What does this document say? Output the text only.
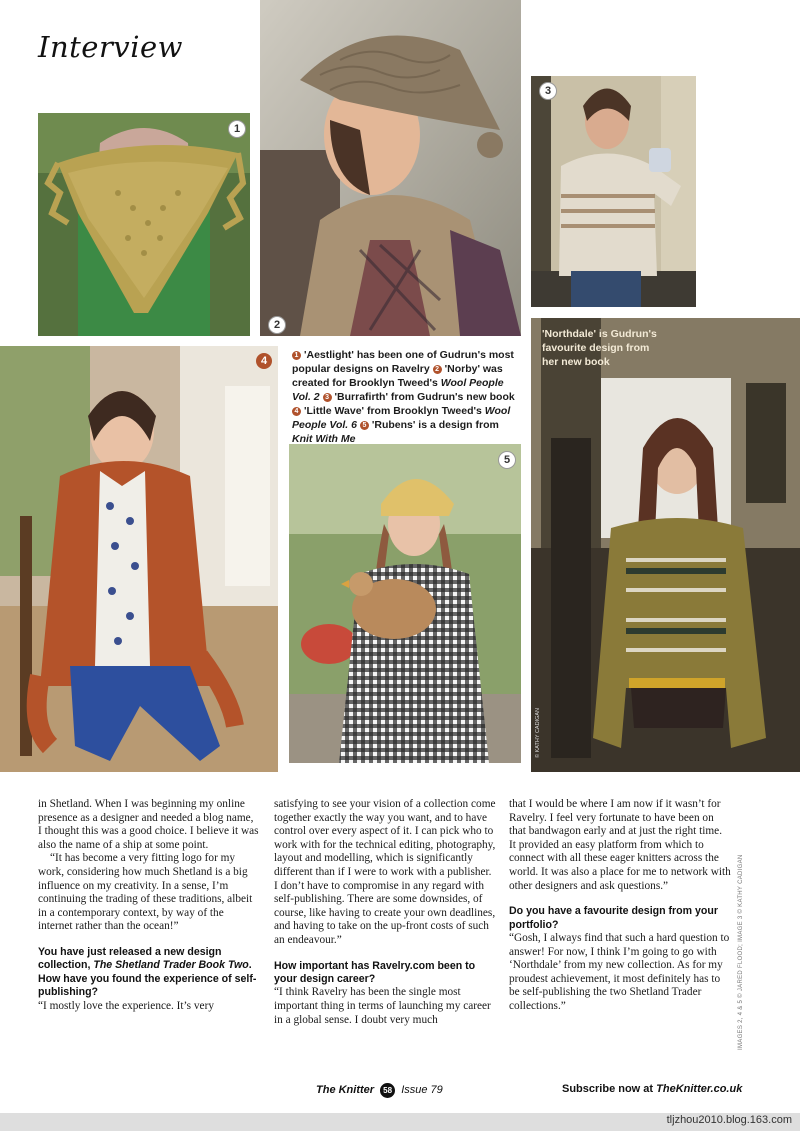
Interview
1
2
3
4
5
© KATHY CADIGAN
1 'Aestlight' has been one of Gudrun's most popular designs on Ravelry 2 'Norby' was created for Brooklyn Tweed's Wool People Vol. 2 3 'Burrafirth' from Gudrun's new book 4 'Little Wave' from Brooklyn Tweed's Wool People Vol. 6 5 'Rubens' is a design from Knit With Me
'Northdale' is Gudrun's favourite design from her new book

in Shetland. When I was beginning my online presence as a designer and needed a blog name, I thought this was a good choice. I believe it was also the name of a ship at some point.

“It has become a very fitting logo for my work, considering how much Shetland is a big influence on my creativity. In a sense, I’m continuing the trading of these traditions, albeit in a contemporary context, by way of the internet rather than the ocean!”

You have just released a new design collection, The Shetland Trader Book Two. How have you found the experience of self-publishing?

“I mostly love the experience. It’s very

satisfying to see your vision of a collection come together exactly the way you want, and to have control over every aspect of it. I can pick who to work with for the technical editing, photography, layout and modelling, which is significantly different than if I were to work with a publisher. I don’t have to compromise in any regard with self-publishing. There are some downsides, of course, like having to create your own deadlines, and having to take on the up-front costs of such an endeavour.”

How important has Ravelry.com been to your design career?

“I think Ravelry has been the single most important thing in terms of launching my career in a global sense. I doubt very much

that I would be where I am now if it wasn’t for Ravelry. I feel very fortunate to have been on that bandwagon early and at just the right time. It provided an easy platform from which to connect with all these eager knitters across the world. It was also a place for me to network with other designers and ask questions.”

Do you have a favourite design from your portfolio?

“Gosh, I always find that such a hard question to answer! For now, I think I’m going to go with ‘Northdale’ from my new collection. As for my proudest achievement, it most definitely has to be self-publishing the two Shetland Trader collections.”	IMAGES 2, 4 & 5 © JARED FLOOD; IMAGE 3 © KATHY CADIGAN
The Knitter 58 Issue 79	Subscribe now at TheKnitter.co.uk
tljzhou2010.blog.163.com
